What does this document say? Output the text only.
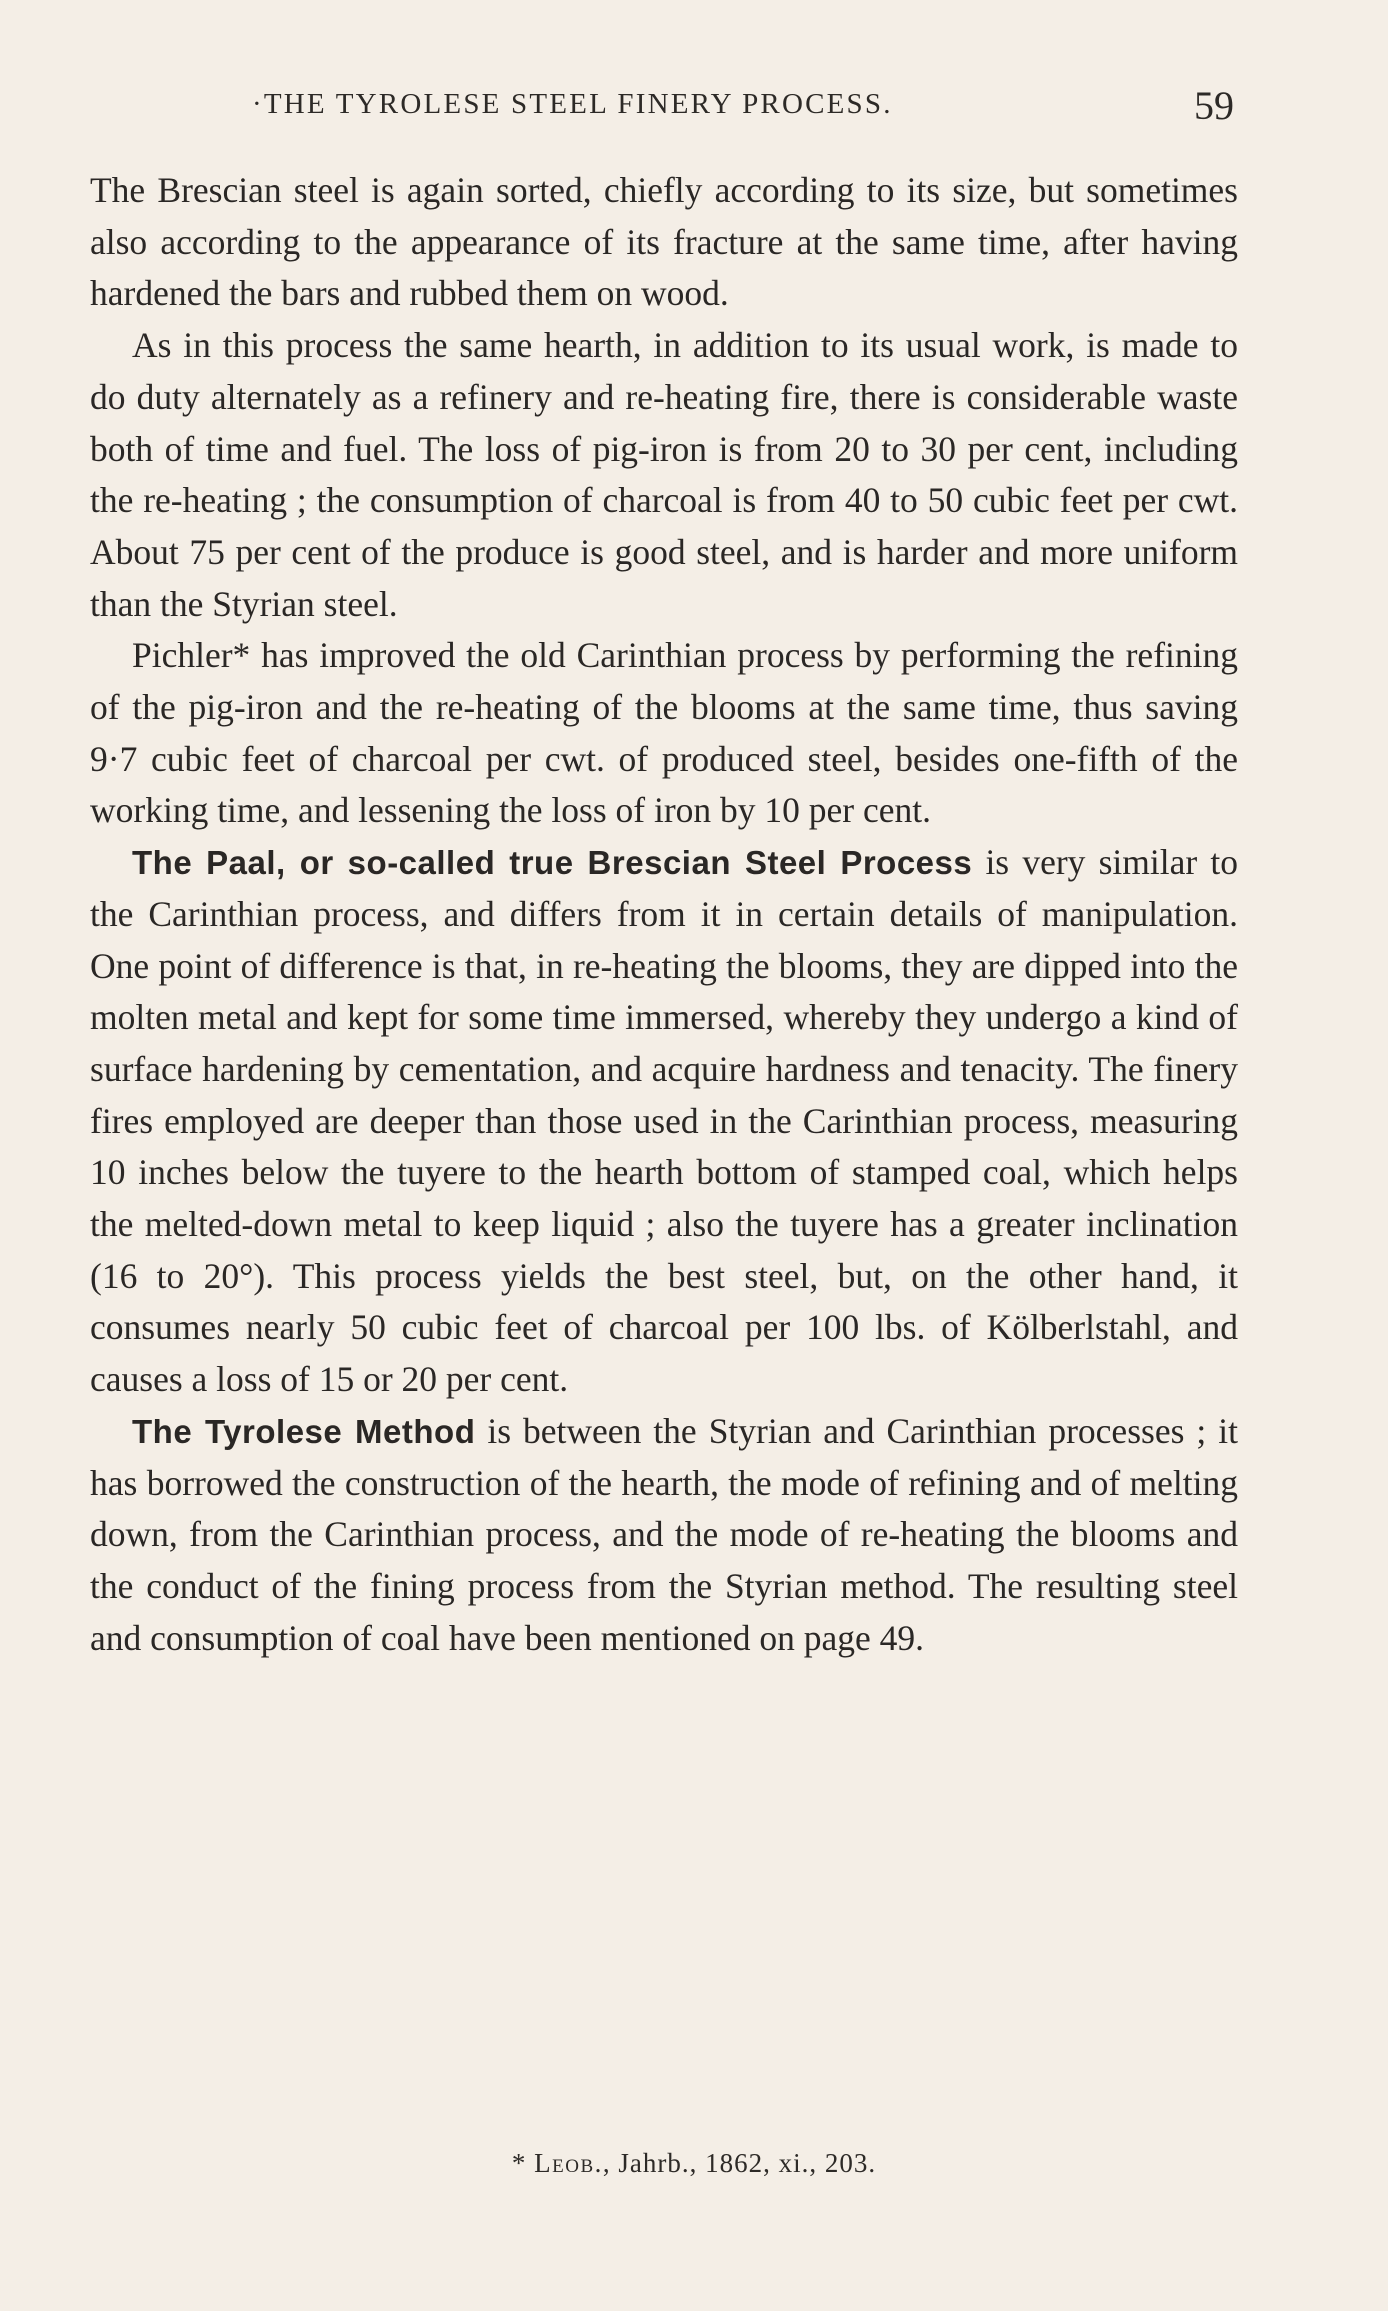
·THE TYROLESE STEEL FINERY PROCESS.	59

The Brescian steel is again sorted, chiefly according to its size, but sometimes also according to the appearance of its fracture at the same time, after having hardened the bars and rubbed them on wood.

As in this process the same hearth, in addition to its usual work, is made to do duty alternately as a refinery and re-heating fire, there is considerable waste both of time and fuel. The loss of pig-iron is from 20 to 30 per cent, including the re-heating ; the consumption of charcoal is from 40 to 50 cubic feet per cwt. About 75 per cent of the produce is good steel, and is harder and more uniform than the Styrian steel.

Pichler* has improved the old Carinthian process by performing the refining of the pig-iron and the re-heating of the blooms at the same time, thus saving 9·7 cubic feet of charcoal per cwt. of produced steel, besides one-fifth of the working time, and lessening the loss of iron by 10 per cent.

The Paal, or so-called true Brescian Steel Process is very similar to the Carinthian process, and differs from it in certain details of manipulation. One point of difference is that, in re-heating the blooms, they are dipped into the molten metal and kept for some time immersed, whereby they undergo a kind of surface hardening by cementation, and acquire hardness and tenacity. The finery fires employed are deeper than those used in the Carinthian process, measuring 10 inches below the tuyere to the hearth bottom of stamped coal, which helps the melted-down metal to keep liquid ; also the tuyere has a greater inclination (16 to 20°). This process yields the best steel, but, on the other hand, it consumes nearly 50 cubic feet of charcoal per 100 lbs. of Kölberlstahl, and causes a loss of 15 or 20 per cent.

The Tyrolese Method is between the Styrian and Carinthian processes ; it has borrowed the construction of the hearth, the mode of refining and of melting down, from the Carinthian process, and the mode of re-heating the blooms and the conduct of the fining process from the Styrian method. The resulting steel and consumption of coal have been mentioned on page 49.

* Leob., Jahrb., 1862, xi., 203.
